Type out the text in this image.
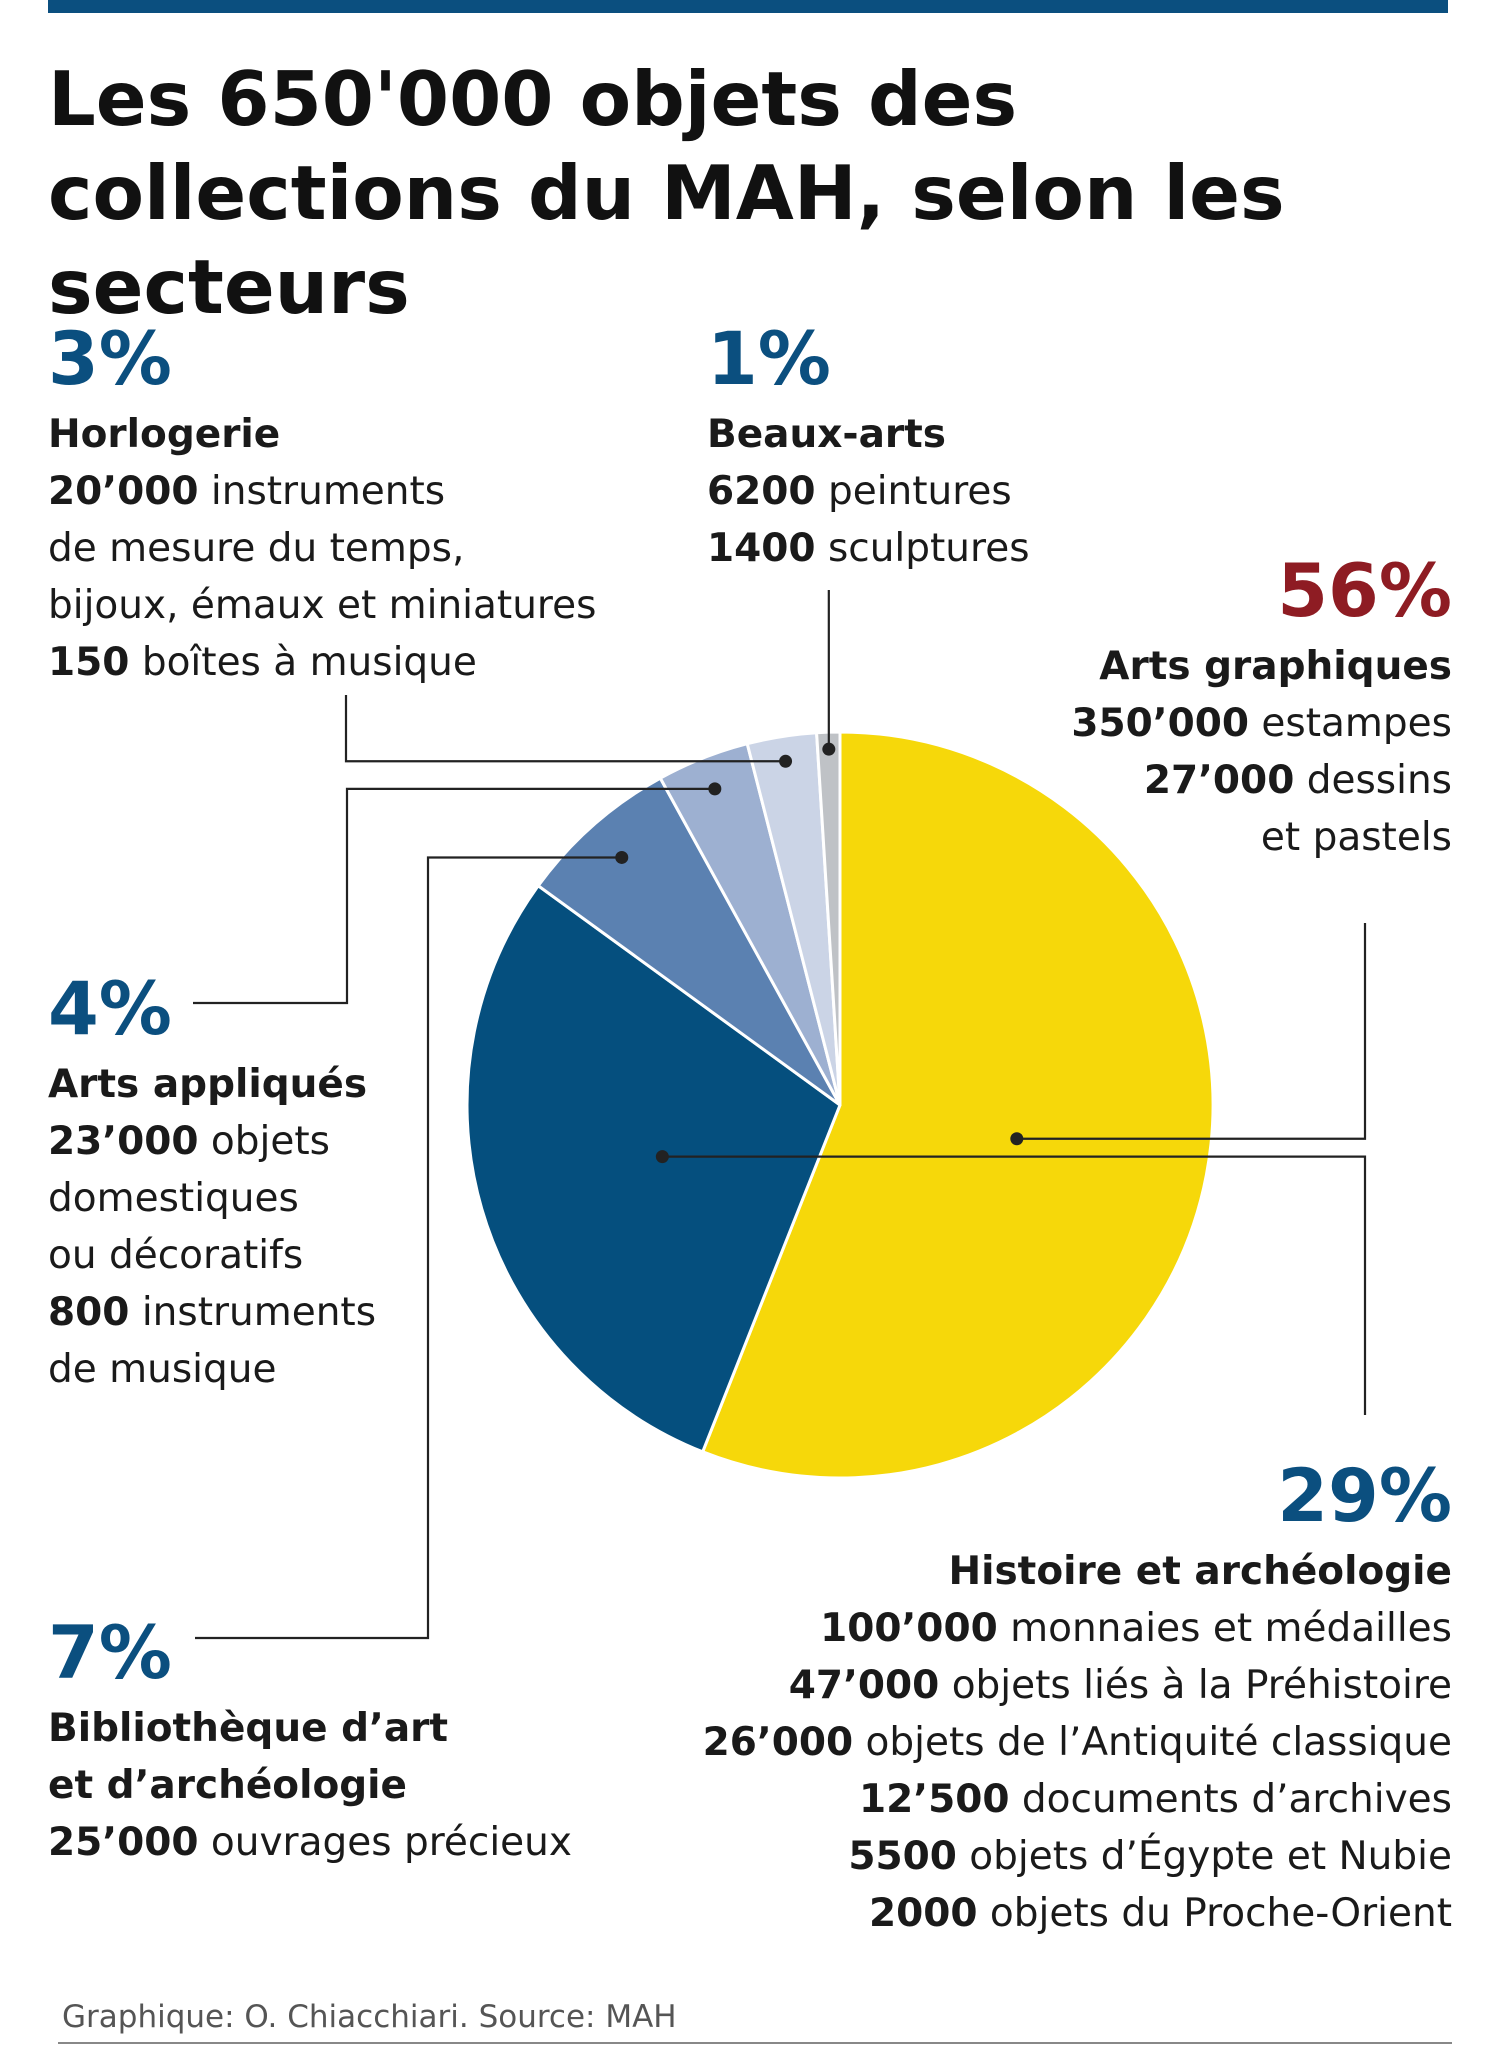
Les 650'000 objets des collections du MAH, selon les secteurs
3%
Horlogerie
20’000 instruments
de mesure du temps,
bijoux, émaux et miniatures
150 boîtes à musique
1%
Beaux-arts
6200 peintures
1400 sculptures
56%
Arts graphiques
350’000 estampes
27’000 dessins
et pastels
4%
Arts appliqués
23’000 objets
domestiques
ou décoratifs
800 instruments
de musique
29%
Histoire et archéologie
100’000 monnaies et médailles
47’000 objets liés à la Préhistoire
26’000 objets de l’Antiquité classique
12’500 documents d’archives
5500 objets d’Égypte et Nubie
2000 objets du Proche-Orient
7%
Bibliothèque d’art
et d’archéologie
25’000 ouvrages précieux
Graphique: O. Chiacchiari. Source: MAH
